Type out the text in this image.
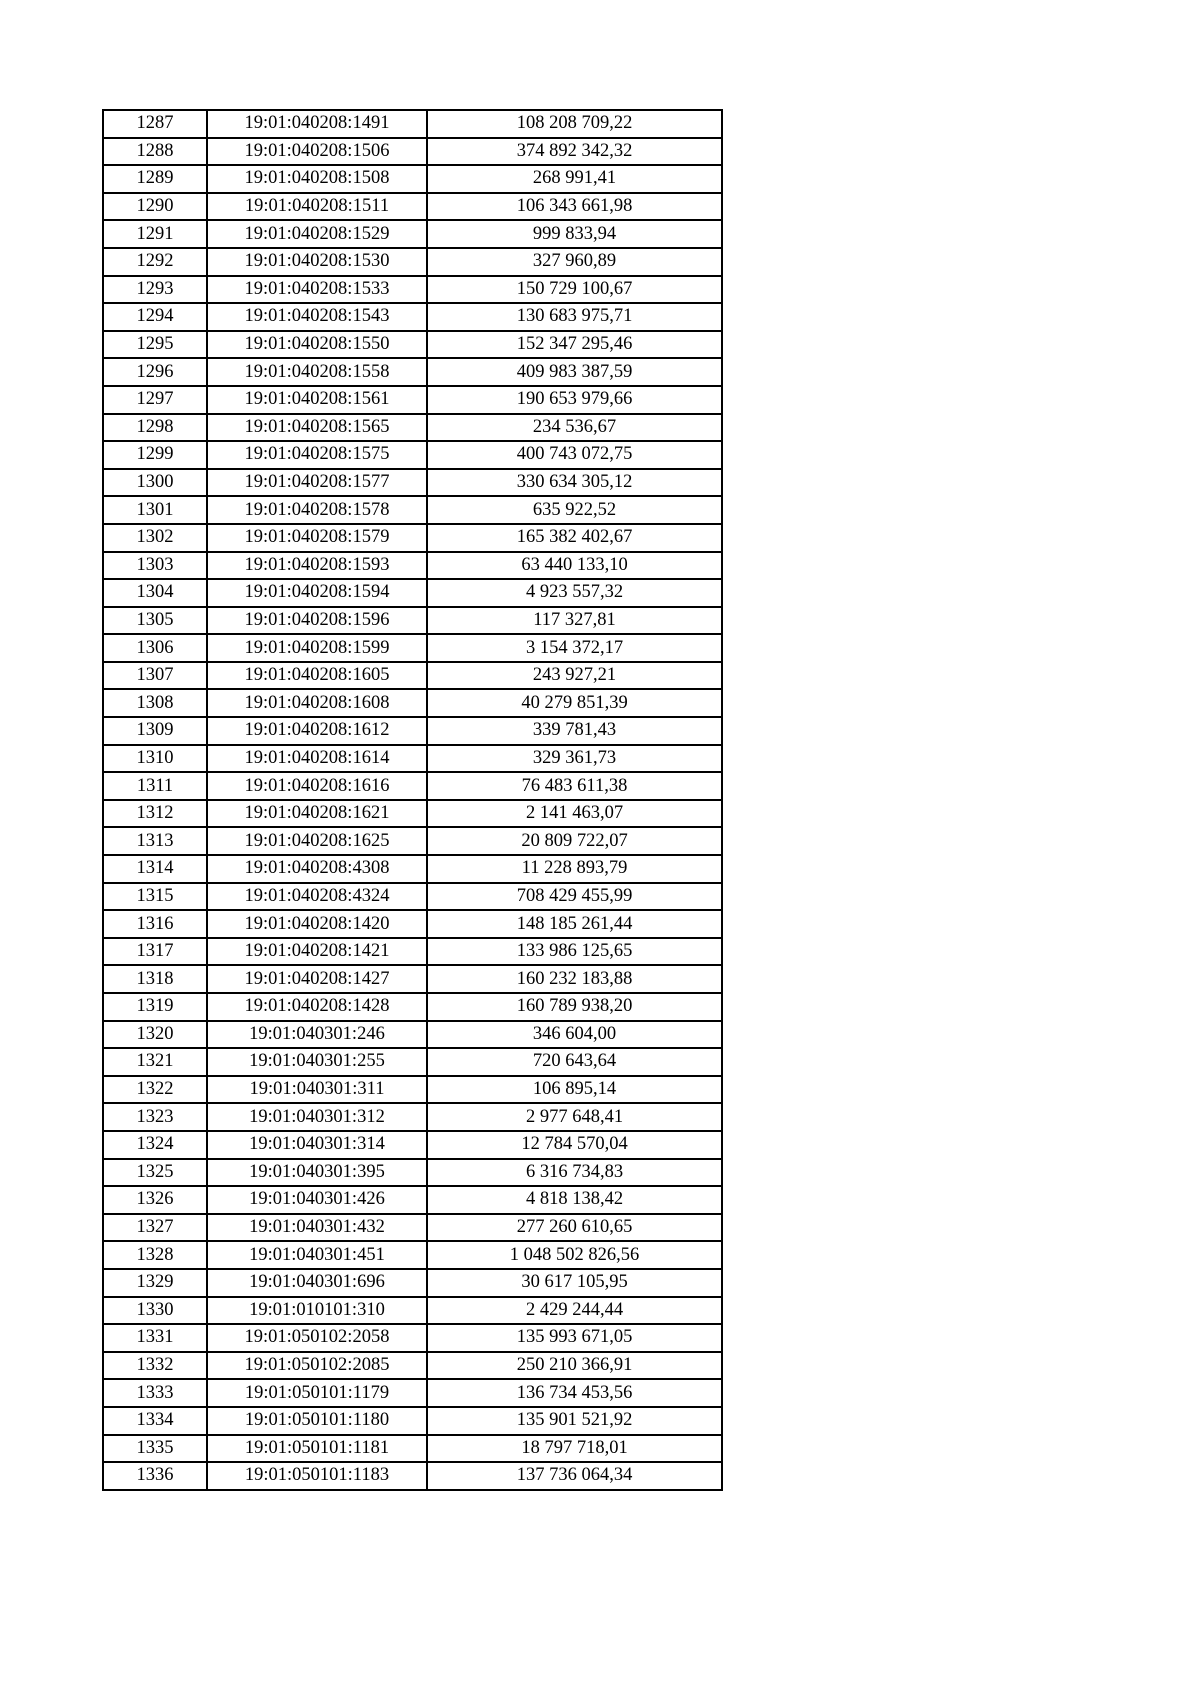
1287	19:01:040208:1491	108 208 709,22
1288	19:01:040208:1506	374 892 342,32
1289	19:01:040208:1508	268 991,41
1290	19:01:040208:1511	106 343 661,98
1291	19:01:040208:1529	999 833,94
1292	19:01:040208:1530	327 960,89
1293	19:01:040208:1533	150 729 100,67
1294	19:01:040208:1543	130 683 975,71
1295	19:01:040208:1550	152 347 295,46
1296	19:01:040208:1558	409 983 387,59
1297	19:01:040208:1561	190 653 979,66
1298	19:01:040208:1565	234 536,67
1299	19:01:040208:1575	400 743 072,75
1300	19:01:040208:1577	330 634 305,12
1301	19:01:040208:1578	635 922,52
1302	19:01:040208:1579	165 382 402,67
1303	19:01:040208:1593	63 440 133,10
1304	19:01:040208:1594	4 923 557,32
1305	19:01:040208:1596	117 327,81
1306	19:01:040208:1599	3 154 372,17
1307	19:01:040208:1605	243 927,21
1308	19:01:040208:1608	40 279 851,39
1309	19:01:040208:1612	339 781,43
1310	19:01:040208:1614	329 361,73
1311	19:01:040208:1616	76 483 611,38
1312	19:01:040208:1621	2 141 463,07
1313	19:01:040208:1625	20 809 722,07
1314	19:01:040208:4308	11 228 893,79
1315	19:01:040208:4324	708 429 455,99
1316	19:01:040208:1420	148 185 261,44
1317	19:01:040208:1421	133 986 125,65
1318	19:01:040208:1427	160 232 183,88
1319	19:01:040208:1428	160 789 938,20
1320	19:01:040301:246	346 604,00
1321	19:01:040301:255	720 643,64
1322	19:01:040301:311	106 895,14
1323	19:01:040301:312	2 977 648,41
1324	19:01:040301:314	12 784 570,04
1325	19:01:040301:395	6 316 734,83
1326	19:01:040301:426	4 818 138,42
1327	19:01:040301:432	277 260 610,65
1328	19:01:040301:451	1 048 502 826,56
1329	19:01:040301:696	30 617 105,95
1330	19:01:010101:310	2 429 244,44
1331	19:01:050102:2058	135 993 671,05
1332	19:01:050102:2085	250 210 366,91
1333	19:01:050101:1179	136 734 453,56
1334	19:01:050101:1180	135 901 521,92
1335	19:01:050101:1181	18 797 718,01
1336	19:01:050101:1183	137 736 064,34
